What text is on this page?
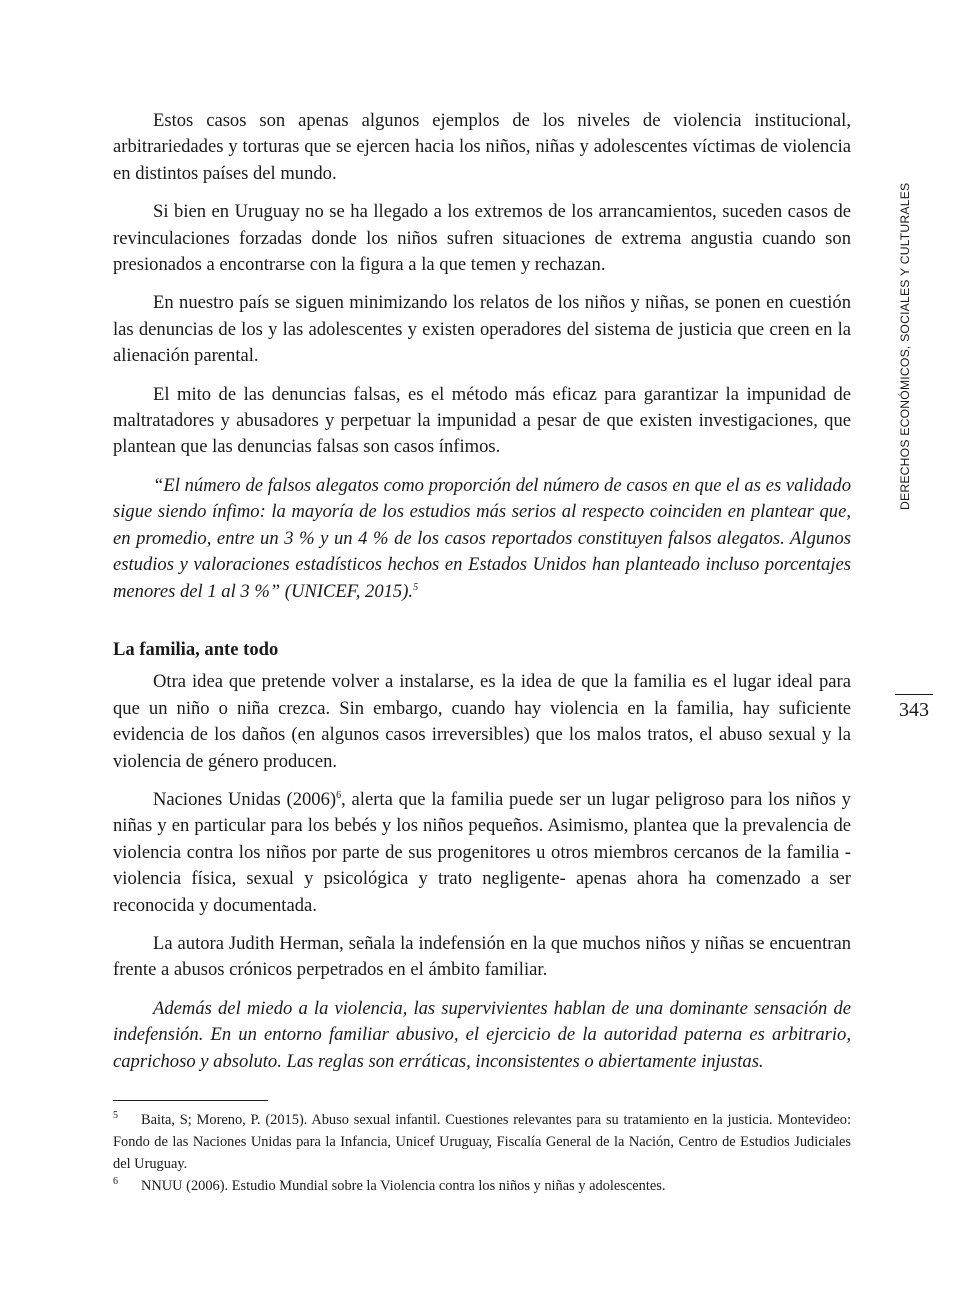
Estos casos son apenas algunos ejemplos de los niveles de violencia institucional, arbitrariedades y torturas que se ejercen hacia los niños, niñas y adolescentes víctimas de violencia en distintos países del mundo.

Si bien en Uruguay no se ha llegado a los extremos de los arrancamientos, suceden casos de revinculaciones forzadas donde los niños sufren situaciones de extrema angustia cuando son presionados a encontrarse con la figura a la que temen y rechazan.

En nuestro país se siguen minimizando los relatos de los niños y niñas, se ponen en cuestión las denuncias de los y las adolescentes y existen operadores del sistema de justicia que creen en la alienación parental.

El mito de las denuncias falsas, es el método más eficaz para garantizar la impunidad de maltratadores y abusadores y perpetuar la impunidad a pesar de que existen investigaciones, que plantean que las denuncias falsas son casos ínfimos.

“El número de falsos alegatos como proporción del número de casos en que el as es validado sigue siendo ínfimo: la mayoría de los estudios más serios al respecto coinciden en plantear que, en promedio, entre un 3 % y un 4 % de los casos reportados constituyen falsos alegatos. Algunos estudios y valoraciones estadísticos hechos en Estados Unidos han planteado incluso porcentajes menores del 1 al 3 %” (UNICEF, 2015).$^5$

La familia, ante todo

Otra idea que pretende volver a instalarse, es la idea de que la familia es el lugar ideal para que un niño o niña crezca. Sin embargo, cuando hay violencia en la familia, hay suficiente evidencia de los daños (en algunos casos irreversibles) que los malos tratos, el abuso sexual y la violencia de género producen.

Naciones Unidas $(2006)^6$, alerta que la familia puede ser un lugar peligroso para los niños y niñas y en particular para los bebés y los niños pequeños. Asimismo, plantea que la prevalencia de violencia contra los niños por parte de sus progenitores u otros miembros cercanos de la familia -violencia física, sexual y psicológica y trato negligente- apenas ahora ha comenzado a ser reconocida y documentada.

La autora Judith Herman, señala la indefensión en la que muchos niños y niñas se encuentran frente a abusos crónicos perpetrados en el ámbito familiar.

Además del miedo a la violencia, las supervivientes hablan de una dominante sensación de indefensión. En un entorno familiar abusivo, el ejercicio de la autoridad paterna es arbitrario, caprichoso y absoluto. Las reglas son erráticas, inconsistentes o abiertamente injustas.

5 Baita, S; Moreno, P. (2015). Abuso sexual infantil. Cuestiones relevantes para su tratamiento en la justicia. Montevideo: Fondo de las Naciones Unidas para la Infancia, Unicef Uruguay, Fiscalía General de la Nación, Centro de Estudios Judiciales del Uruguay.

6 NNUU (2006). Estudio Mundial sobre la Violencia contra los niños y niñas y adolescentes.

DERECHOS ECONÓMICOS, SOCIALES Y CULTURALES
343
